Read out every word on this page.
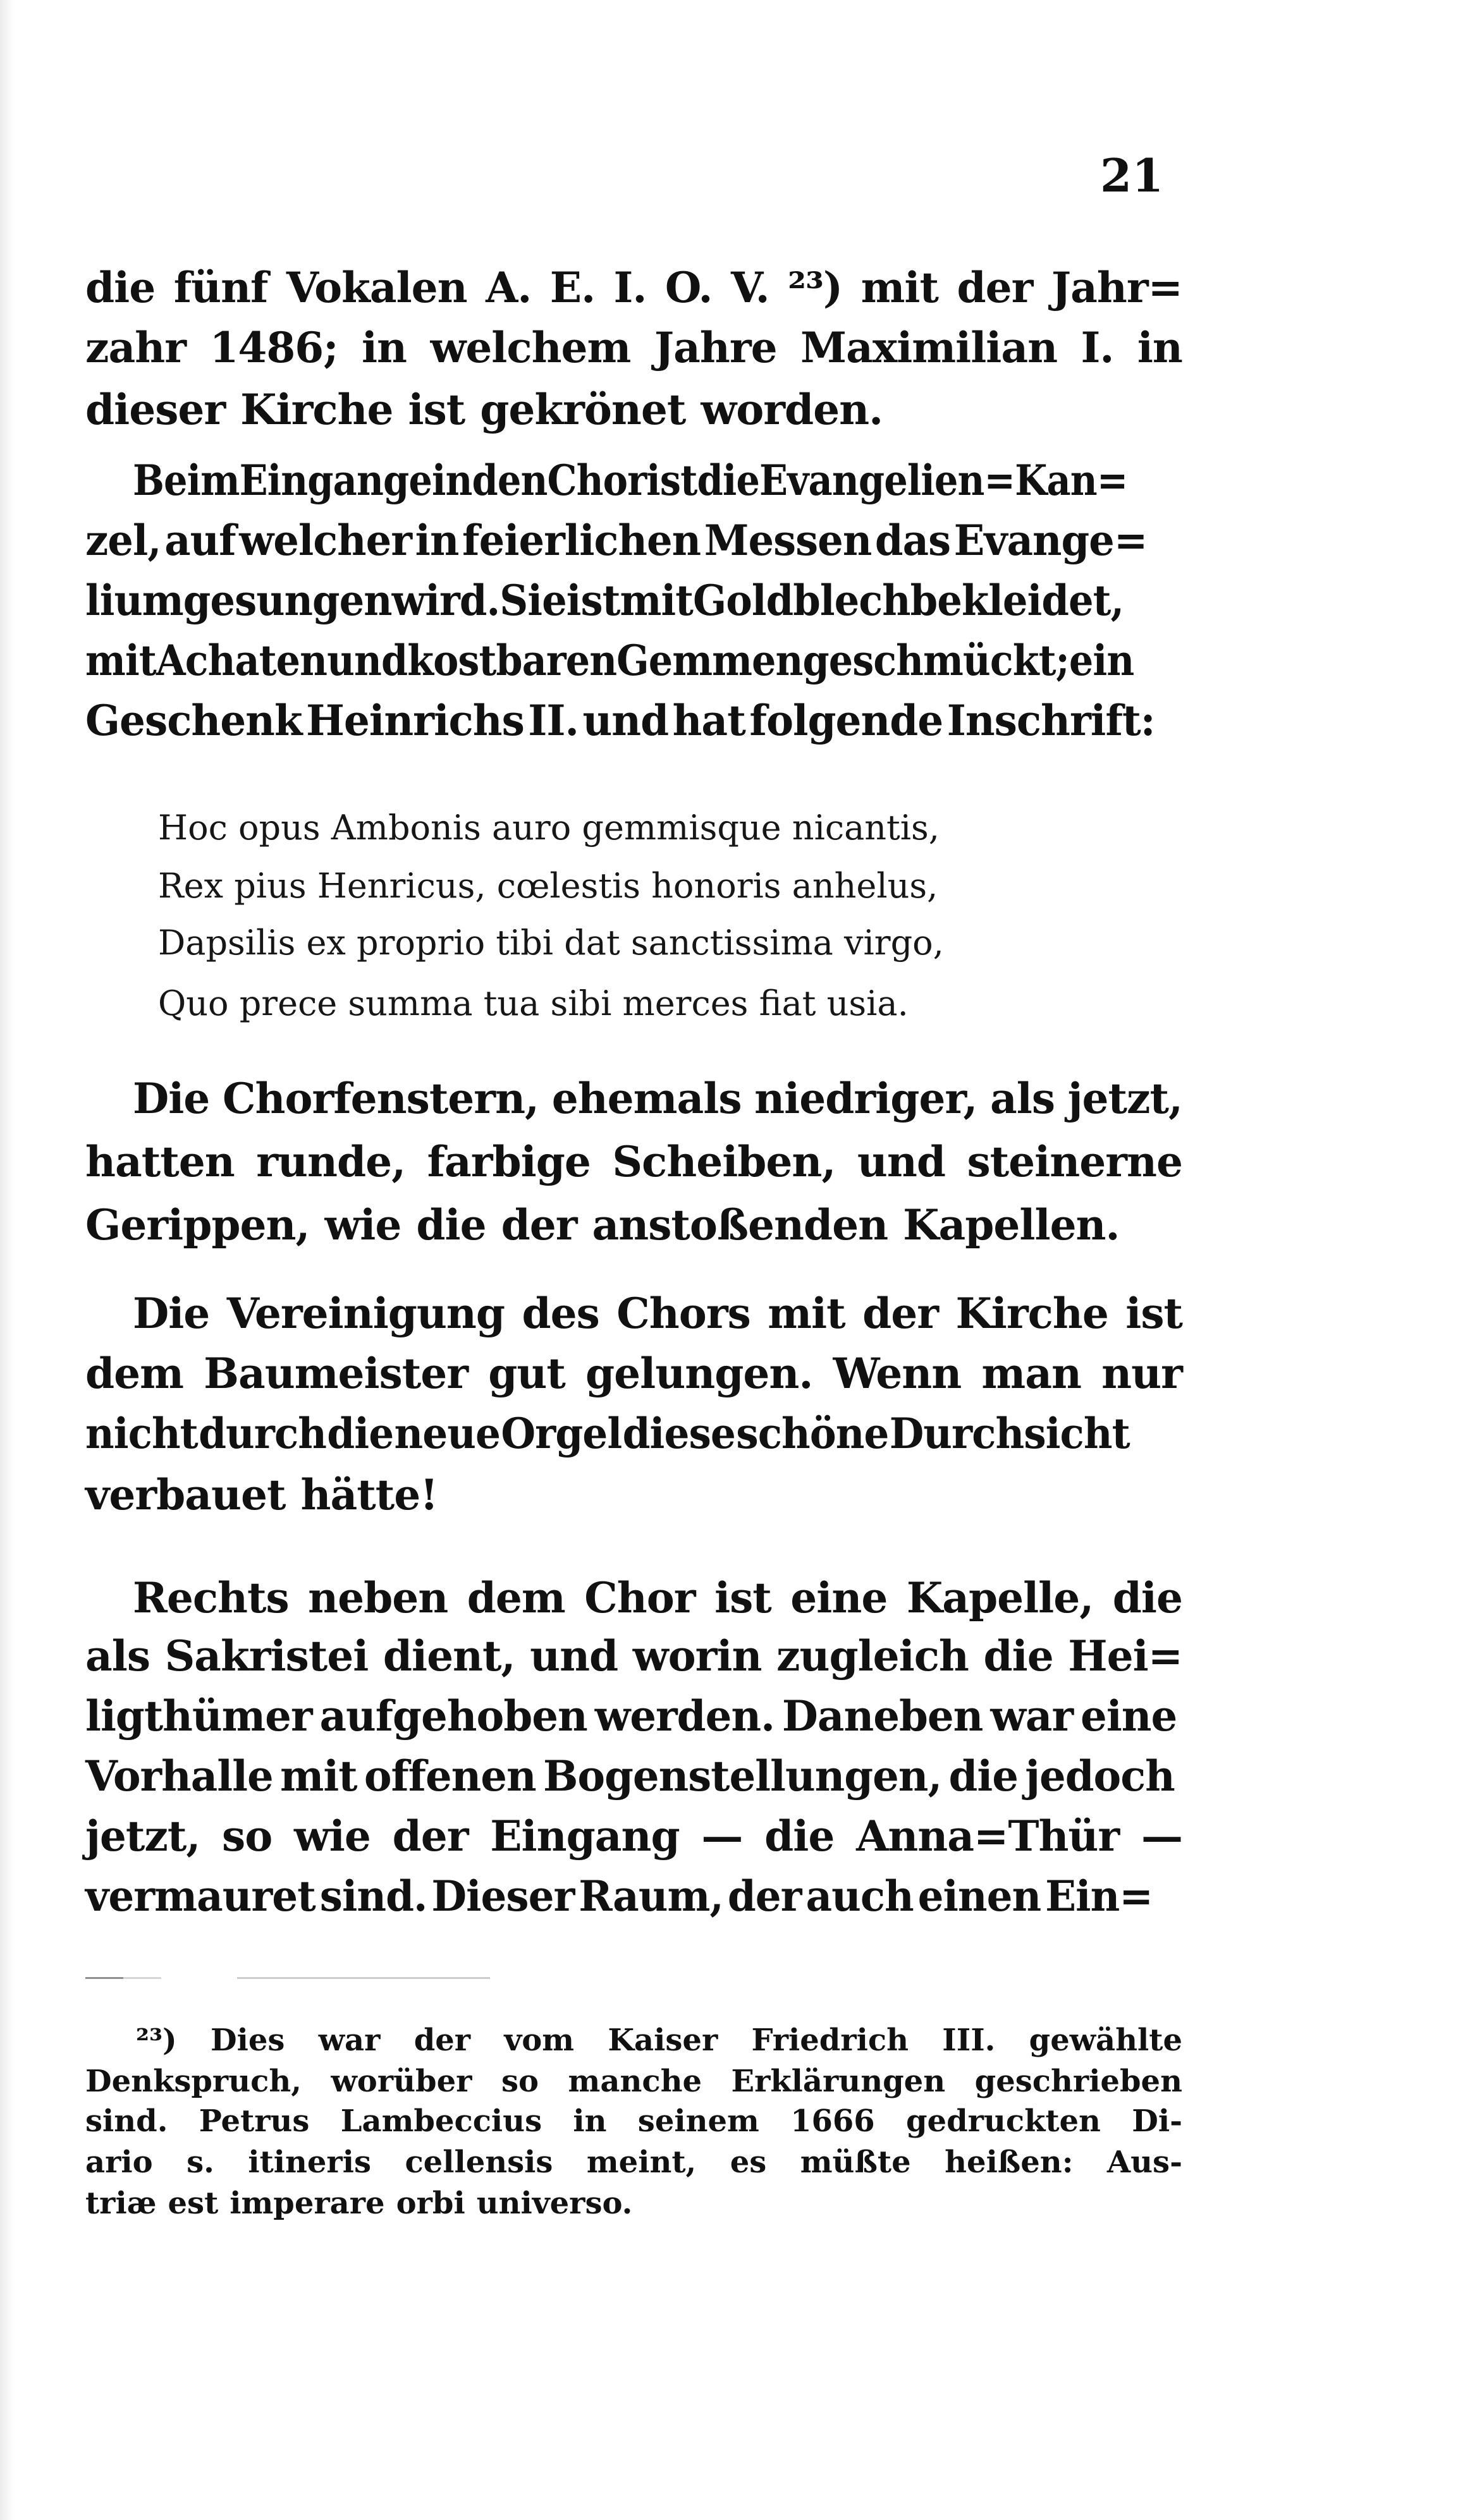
21
die fünf Vokalen A. E. I. O. V. ²³) mit der Jahr=
zahr 1486; in welchem Jahre Maximilian I. in
dieser Kirche ist gekrönet worden.
Beim Eingange in den Chor ist die Evangelien=Kan=
zel, auf welcher in feierlichen Messen das Evange=
lium gesungen wird. Sie ist mit Goldblech bekleidet,
mit Achaten und kostbaren Gemmen geschmückt; ein
Geschenk Heinrichs II. und hat folgende Inschrift:
Hoc opus Ambonis auro gemmisque nicantis,
Rex pius Henricus, cœlestis honoris anhelus,
Dapsilis ex proprio tibi dat sanctissima virgo,
Quo prece summa tua sibi merces fiat usia.
Die Chorfenstern, ehemals niedriger, als jetzt,
hatten runde, farbige Scheiben, und steinerne
Gerippen, wie die der anstoßenden Kapellen.
Die Vereinigung des Chors mit der Kirche ist
dem Baumeister gut gelungen. Wenn man nur
nicht durch die neue Orgel diese schöne Durchsicht
verbauet hätte!
Rechts neben dem Chor ist eine Kapelle, die
als Sakristei dient, und worin zugleich die Hei=
ligthümer aufgehoben werden. Daneben war eine
Vorhalle mit offenen Bogenstellungen, die jedoch
jetzt, so wie der Eingang — die Anna=Thür —
vermauret sind. Dieser Raum, der auch einen Ein=
²³) Dies war der vom Kaiser Friedrich III. gewählte
Denkspruch, worüber so manche Erklärungen geschrieben
sind. Petrus Lambeccius in seinem 1666 gedruckten Di-
ario s. itineris cellensis meint, es müßte heißen: Aus-
triæ est imperare orbi universo.
